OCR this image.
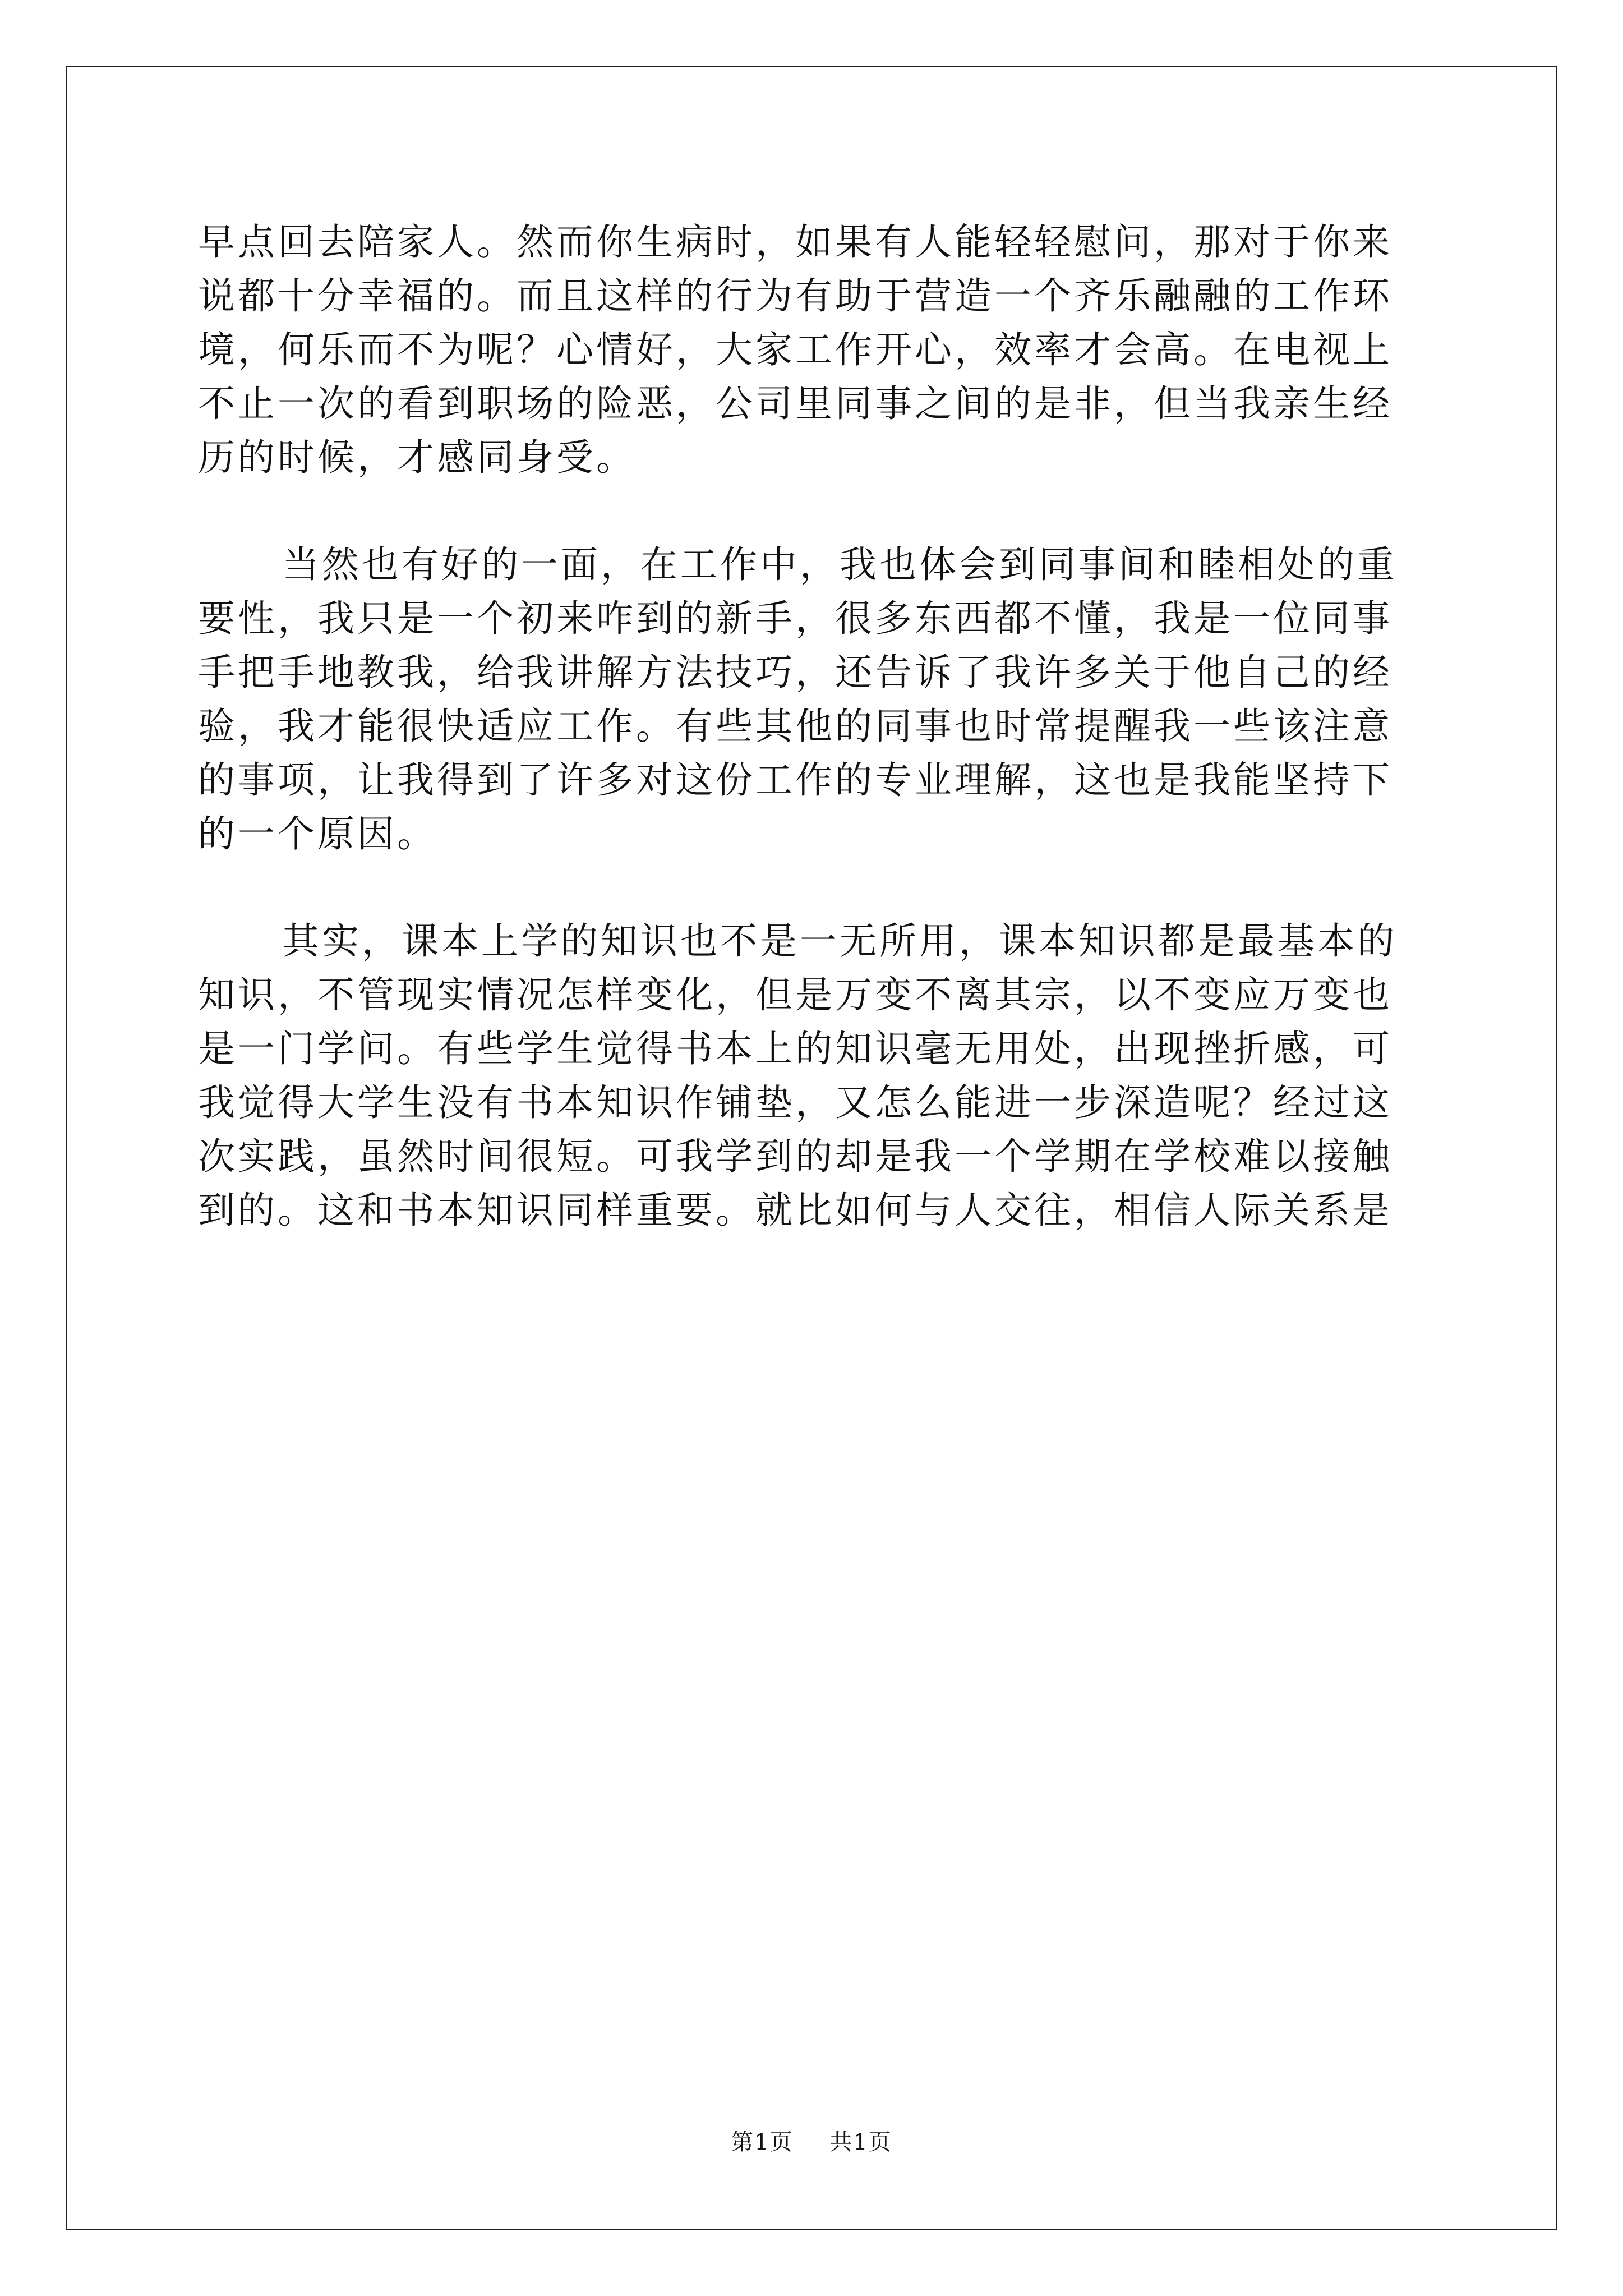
早点回去陪家人。然而你生病时，如果有人能轻轻慰问，那对于你来
说都十分幸福的。而且这样的行为有助于营造一个齐乐融融的工作环
境，何乐而不为呢？心情好，大家工作开心，效率才会高。在电视上
不止一次的看到职场的险恶，公司里同事之间的是非，但当我亲生经
历的时候，才感同身受。

当然也有好的一面，在工作中，我也体会到同事间和睦相处的重
要性，我只是一个初来咋到的新手，很多东西都不懂，我是一位同事
手把手地教我，给我讲解方法技巧，还告诉了我许多关于他自己的经
验，我才能很快适应工作。有些其他的同事也时常提醒我一些该注意
的事项，让我得到了许多对这份工作的专业理解，这也是我能坚持下
的一个原因。

其实，课本上学的知识也不是一无所用，课本知识都是最基本的
知识，不管现实情况怎样变化，但是万变不离其宗，以不变应万变也
是一门学问。有些学生觉得书本上的知识毫无用处，出现挫折感，可
我觉得大学生没有书本知识作铺垫，又怎么能进一步深造呢？经过这
次实践，虽然时间很短。可我学到的却是我一个学期在学校难以接触
到的。这和书本知识同样重要。就比如何与人交往，相信人际关系是

第1页 共1页
